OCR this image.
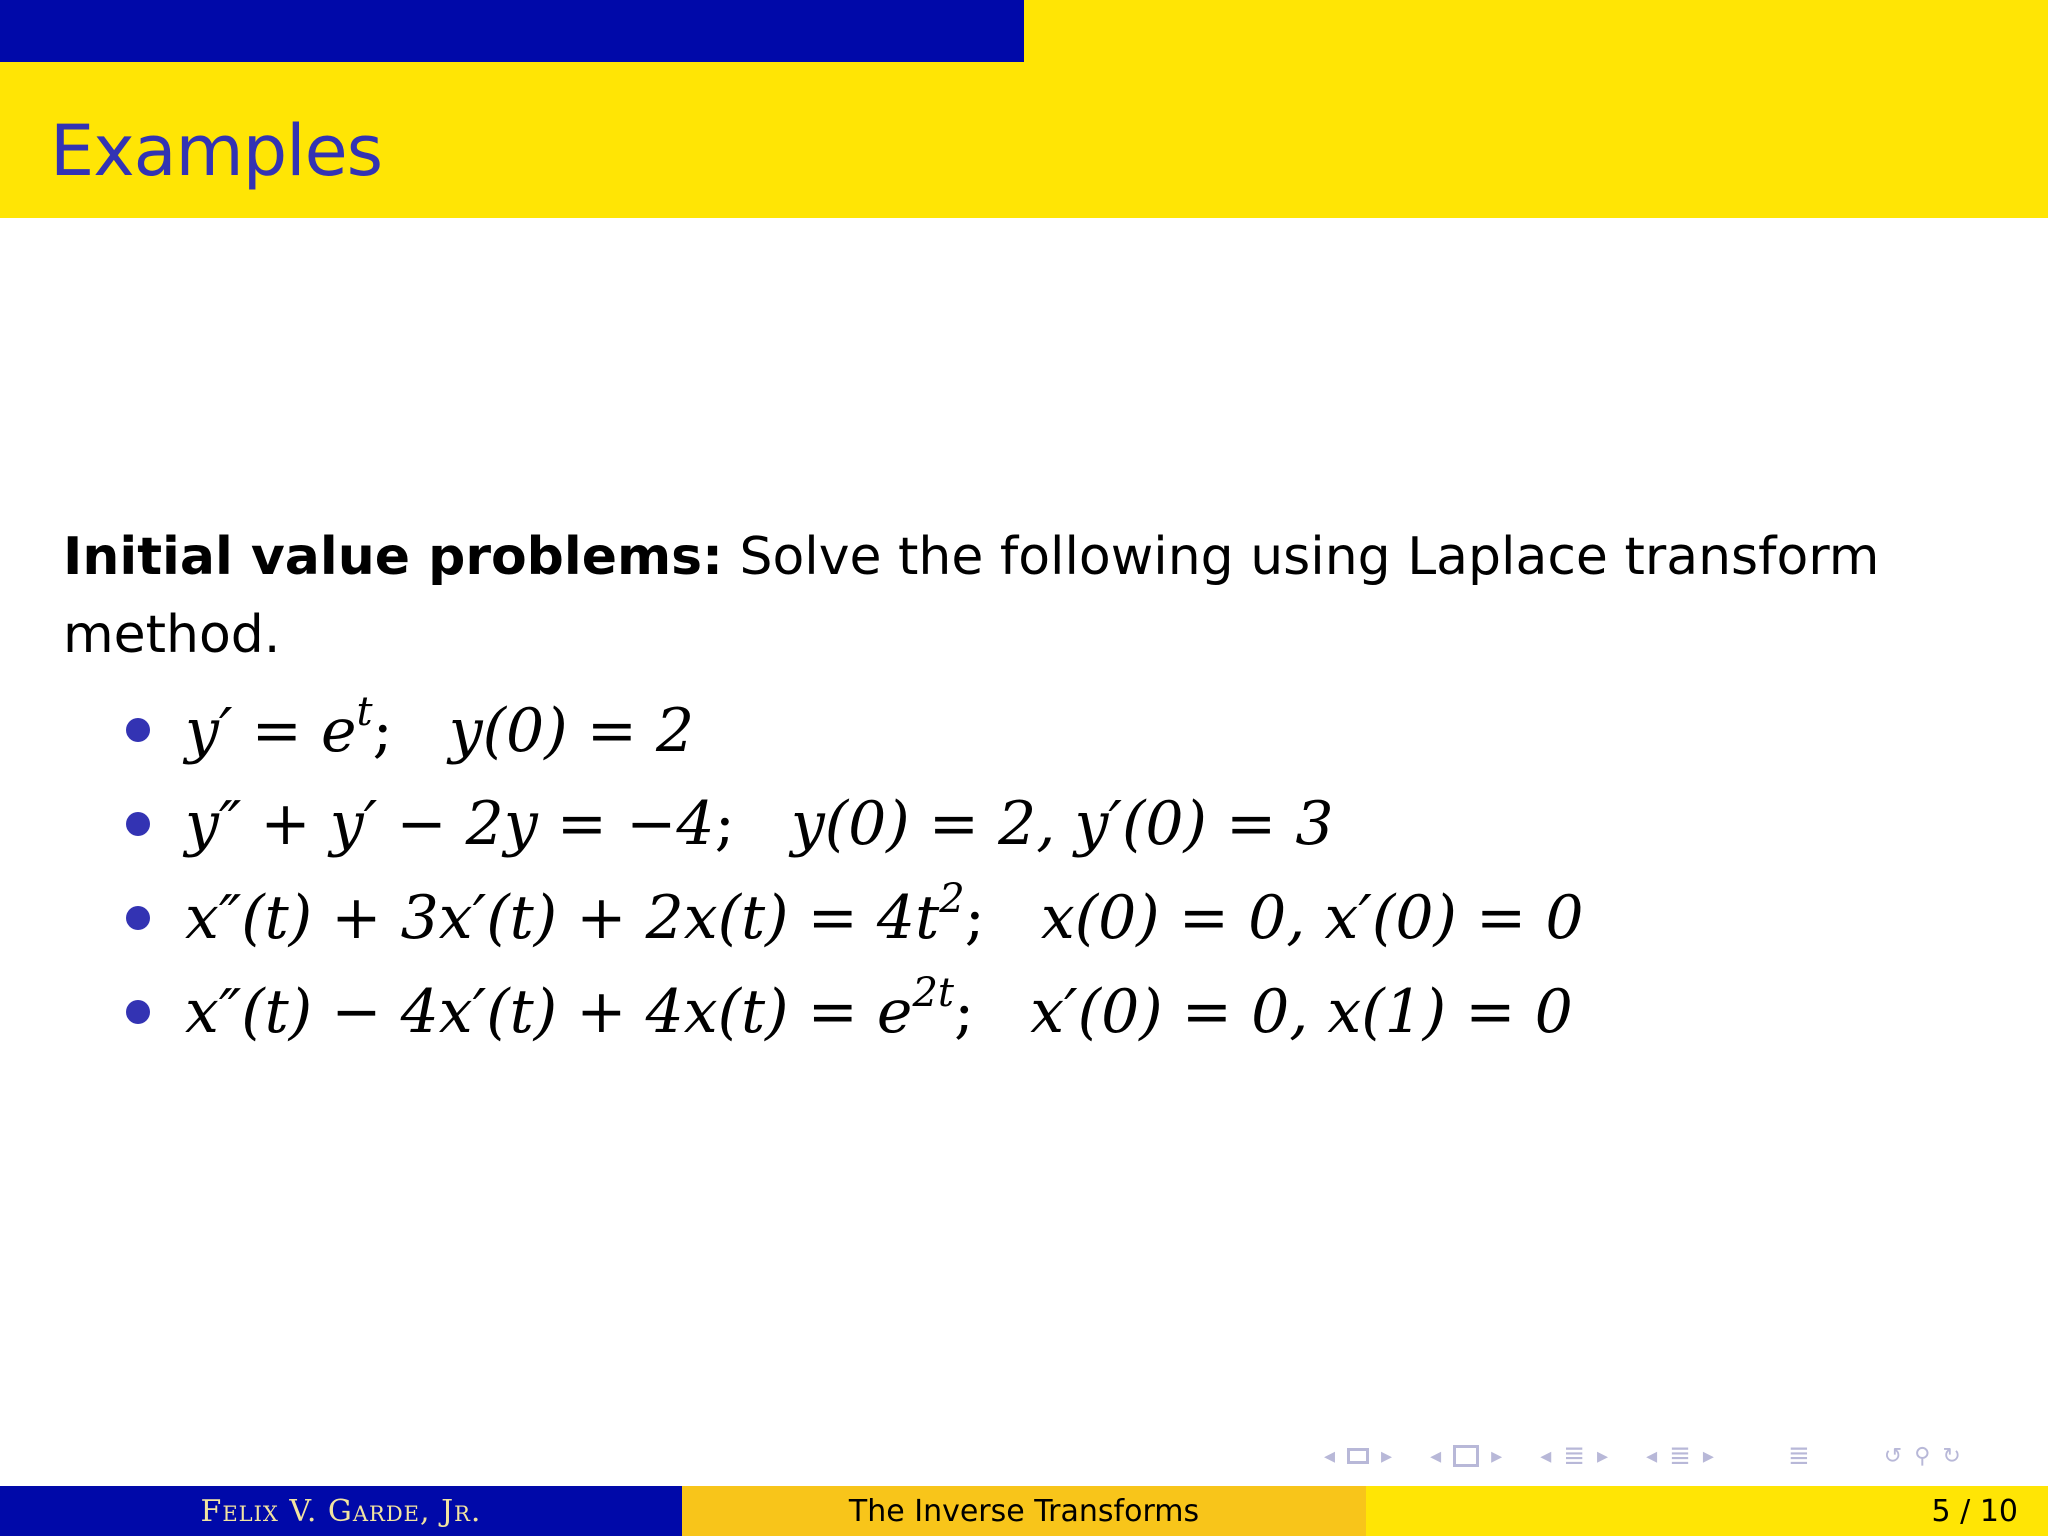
Examples
Initial value problems: Solve the following using Laplace transform method.
$y' = e^t$; y(0) = 2
y″ + y′ − 2y = −4; y(0) = 2, y′(0) = 3
$x''(t) + 3x'(t) + 2x(t) = 4t^2$; x(0) = 0, x′(0) = 0
$x''(t) - 4x'(t) + 4x(t) = e^{2t}$; x′(0) = 0, x(1) = 0
◂ ▸ ◂ ▸ ◂ ≣ ▸ ◂ ≣ ▸	≣	↺ ⚲ ↻
Felix V. Garde, Jr.	The Inverse Transforms	5 / 10
